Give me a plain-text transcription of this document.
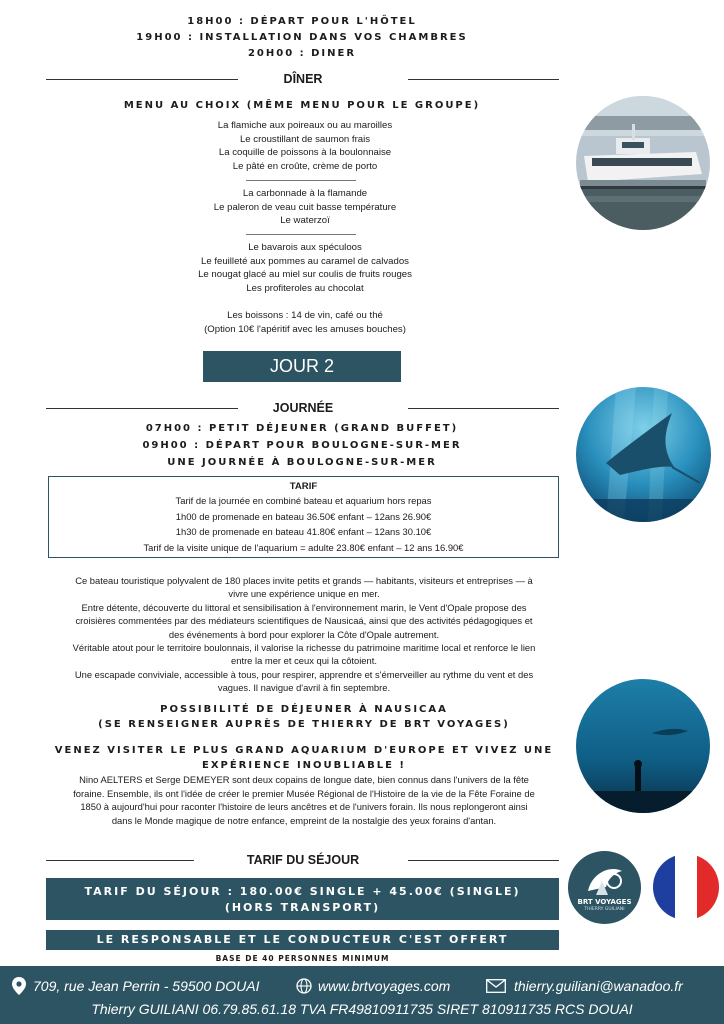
18H00 : DÉPART POUR L'HÔTEL
19H00 : INSTALLATION DANS VOS CHAMBRES
20H00 : DINER
DÎNER
MENU AU CHOIX (MÊME MENU POUR LE GROUPE)
La flamiche aux poireaux ou au maroilles
Le croustillant de saumon frais
La coquille de poissons à la boulonnaise
Le pâté en croûte, crème de porto
La carbonnade à la flamande
Le paleron de veau cuit basse température
Le waterzoï
Le bavarois aux spéculoos
Le feuilleté aux pommes au caramel de calvados
Le nougat glacé au miel sur coulis de fruits rouges
Les profiteroles au chocolat
Les boissons : 14 de vin, café ou thé
(Option 10€ l'apéritif avec les amuses bouches)
JOUR 2
JOURNÉE
07H00 : PETIT DÉJEUNER (GRAND BUFFET)
09H00 : DÉPART POUR BOULOGNE-SUR-MER
UNE JOURNÉE À BOULOGNE-SUR-MER
TARIF
Tarif de la journée en combiné bateau et aquarium hors repas
1h00 de promenade en bateau 36.50€ enfant – 12ans 26.90€
1h30 de promenade en bateau 41.80€ enfant – 12ans 30.10€
Tarif de la visite unique de l'aquarium = adulte 23.80€ enfant – 12 ans 16.90€
Ce bateau touristique polyvalent de 180 places invite petits et grands — habitants, visiteurs et entreprises — à
vivre une expérience unique en mer.
Entre détente, découverte du littoral et sensibilisation à l'environnement marin, le Vent d'Opale propose des
croisières commentées par des médiateurs scientifiques de Nausicaá, ainsi que des activités pédagogiques et
des événements à bord pour explorer la Côte d'Opale autrement.
Véritable atout pour le territoire boulonnais, il valorise la richesse du patrimoine maritime local et renforce le lien
entre la mer et ceux qui la côtoient.
Une escapade conviviale, accessible à tous, pour respirer, apprendre et s'émerveiller au rythme du vent et des
vagues. Il navigue d'avril à fin septembre.
POSSIBILITÉ DE DÉJEUNER À NAUSICAA
(SE RENSEIGNER AUPRÈS DE THIERRY DE BRT VOYAGES)
VENEZ VISITER LE PLUS GRAND AQUARIUM D'EUROPE ET VIVEZ UNE
EXPÉRIENCE INOUBLIABLE !
Nino AELTERS et Serge DEMEYER sont deux copains de longue date, bien connus dans l'univers de la fête
foraine. Ensemble, ils ont l'idée de créer le premier Musée Régional de l'Histoire de la vie de la Fête Foraine de
1850 à aujourd'hui pour raconter l'histoire de leurs ancêtres et de l'univers forain. Ils nous replongeront ainsi
dans le Monde magique de notre enfance, empreint de la nostalgie des yeux forains d'antan.
TARIF DU SÉJOUR
TARIF DU SÉJOUR : 180.00€ SINGLE + 45.00€ (SINGLE)
(HORS TRANSPORT)
LE RESPONSABLE ET LE CONDUCTEUR C'EST OFFERT
BASE DE 40 PERSONNES MINIMUM
BRT VOYAGES
THIERRY GUILIANI
709, rue Jean Perrin - 59500 DOUAI	www.brtvoyages.com	thierry.guiliani@wanadoo.fr
Thierry GUILIANI 06.79.85.61.18 TVA FR49810911735 SIRET 810911735 RCS DOUAI
